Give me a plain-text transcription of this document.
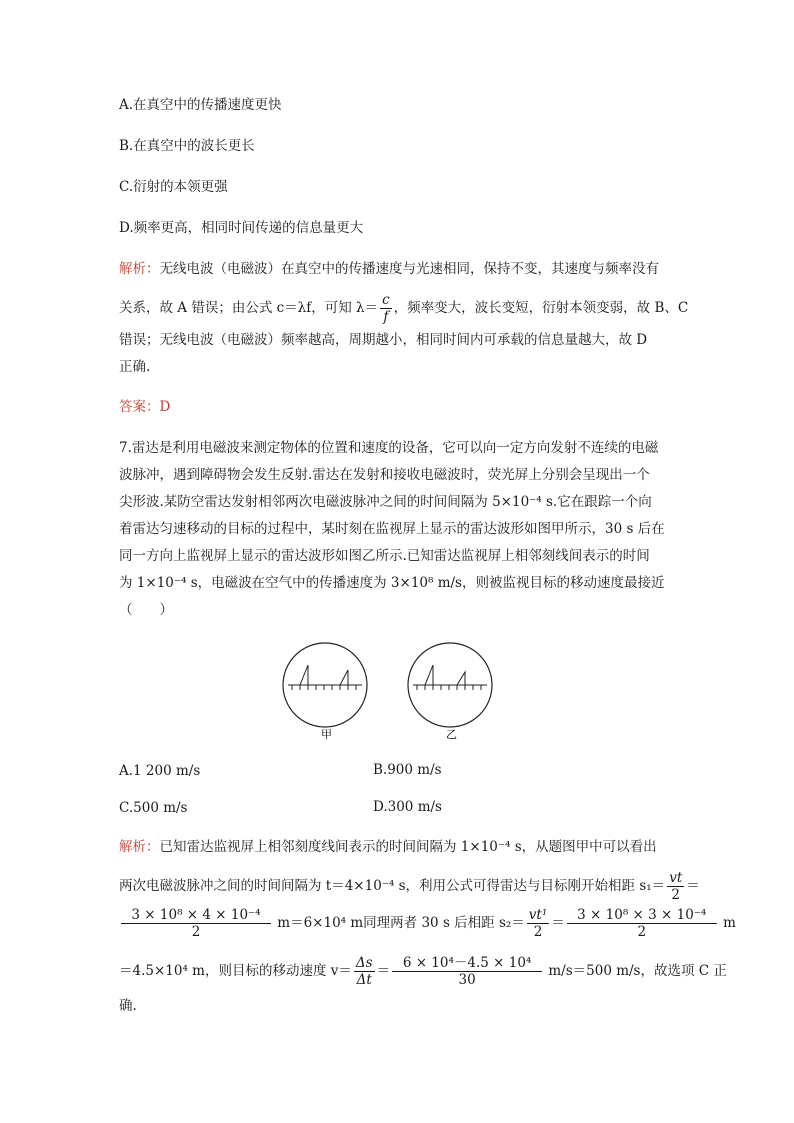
A.在真空中的传播速度更快
B.在真空中的波长更长
C.衍射的本领更强
D.频率更高，相同时间传递的信息量更大
解析：无线电波（电磁波）在真空中的传播速度与光速相同，保持不变，其速度与频率没有
关系，故 A 错误；由公式 c＝λf，可知 $\lambda= \frac{c}{f}$ ，频率变大，波长变短，衍射本领变弱，故 B、C
错误；无线电波（电磁波）频率越高，周期越小，相同时间内可承载的信息量越大，故 D
正确.
答案：D
7.雷达是利用电磁波来测定物体的位置和速度的设备，它可以向一定方向发射不连续的电磁
波脉冲，遇到障碍物会发生反射.雷达在发射和接收电磁波时，荧光屏上分别会呈现出一个
尖形波.某防空雷达发射相邻两次电磁波脉冲之间的时间间隔为 5×10⁻⁴ s.它在跟踪一个向
着雷达匀速移动的目标的过程中，某时刻在监视屏上显示的雷达波形如图甲所示，30 s 后在
同一方向上监视屏上显示的雷达波形如图乙所示.已知雷达监视屏上相邻刻线间表示的时间
为 1×10⁻⁴ s，电磁波在空气中的传播速度为 3×10⁸ m/s，则被监视目标的移动速度最接近
（　　）
甲	乙
A.1 200 m/s	B.900 m/s
C.500 m/s	D.300 m/s
解析：已知雷达监视屏上相邻刻度线间表示的时间间隔为 1×10⁻⁴ s，从题图甲中可以看出
两次电磁波脉冲之间的时间间隔为 t＝4×10⁻⁴ s，利用公式可得雷达与目标刚开始相距 $s_1= \frac{vt}{2}$ ＝
$\frac{\text{3 × 10⁸ × 4 × 10⁻⁴}}{2} m=6\times 10^4$ m同理两者 30 s 后相距 $s_2= \frac{\text{vt¹}}{2} = \frac{\text{3 × 10⁸ × 3 × 10⁻⁴}}{2}$ m
＝4.5×10⁴ m，则目标的移动速度 $v= \frac{\Delta s}{\Delta t} = \frac{\text{6 × 10⁴－4.5 × 10⁴}}{30} m/s=500$ m/s，故选项 C 正
确.
